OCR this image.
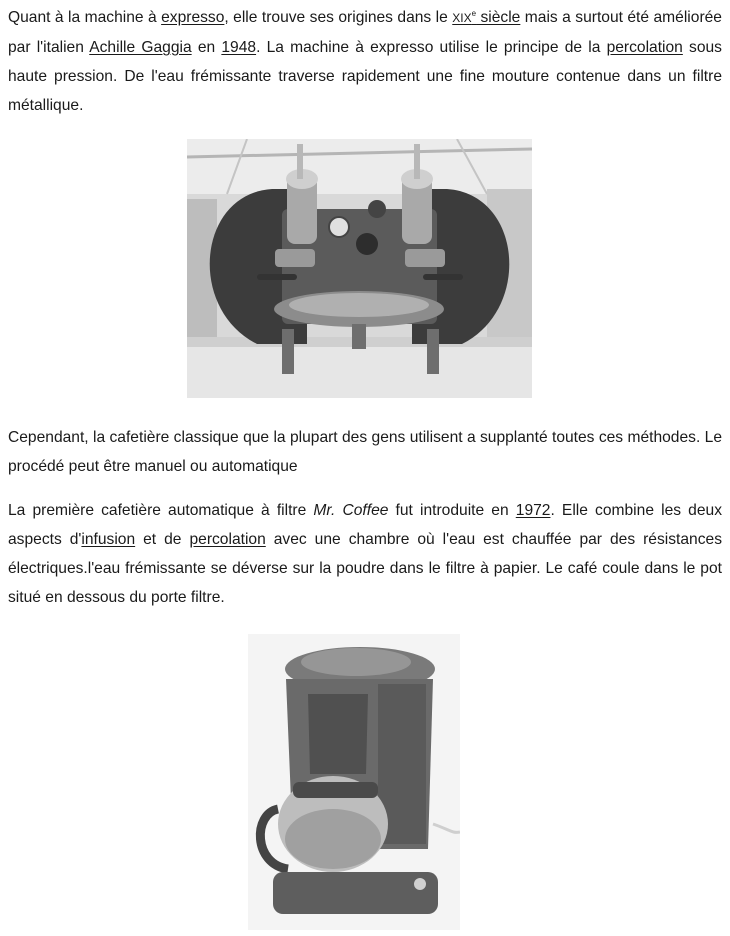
Quant à la machine à expresso, elle trouve ses origines dans le XIXe siècle mais a surtout été améliorée par l'italien Achille Gaggia en 1948. La machine à expresso utilise le principe de la percolation sous haute pression. De l'eau frémissante traverse rapidement une fine mouture contenue dans un filtre métallique.

Cependant, la cafetière classique que la plupart des gens utilisent a supplanté toutes ces méthodes. Le procédé peut être manuel ou automatique

La première cafetière automatique à filtre Mr. Coffee fut introduite en 1972. Elle combine les deux aspects d'infusion et de percolation avec une chambre où l'eau est chauffée par des résistances électriques.l'eau frémissante se déverse sur la poudre dans le filtre à papier. Le café coule dans le pot situé en dessous du porte filtre.
